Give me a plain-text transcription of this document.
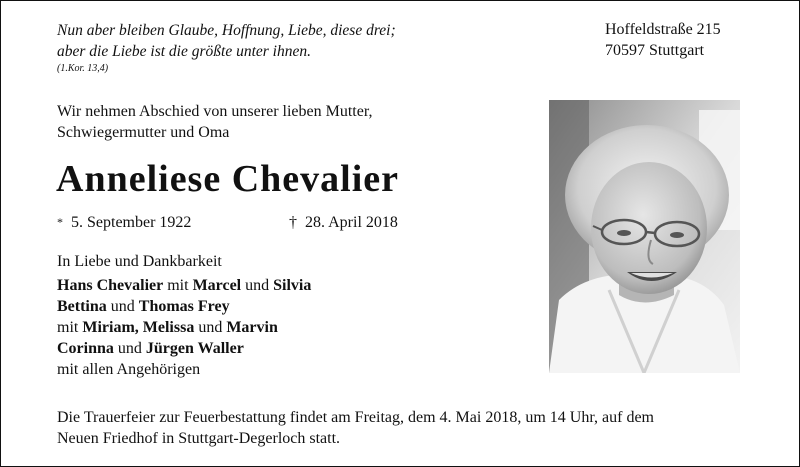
Nun aber bleiben Glaube, Hoffnung, Liebe, diese drei;
aber die Liebe ist die größte unter ihnen.
(1.Kor. 13,4)
Hoffeldstraße 215
70597 Stuttgart
Wir nehmen Abschied von unserer lieben Mutter,
Schwiegermutter und Oma
Anneliese Chevalier
* 5. September 1922	† 28. April 2018
In Liebe und Dankbarkeit
Hans Chevalier mit Marcel und Silvia
Bettina und Thomas Frey
mit Miriam, Melissa und Marvin
Corinna und Jürgen Waller
mit allen Angehörigen
Die Trauerfeier zur Feuerbestattung findet am Freitag, dem 4. Mai 2018, um 14 Uhr, auf dem
Neuen Friedhof in Stuttgart-Degerloch statt.
